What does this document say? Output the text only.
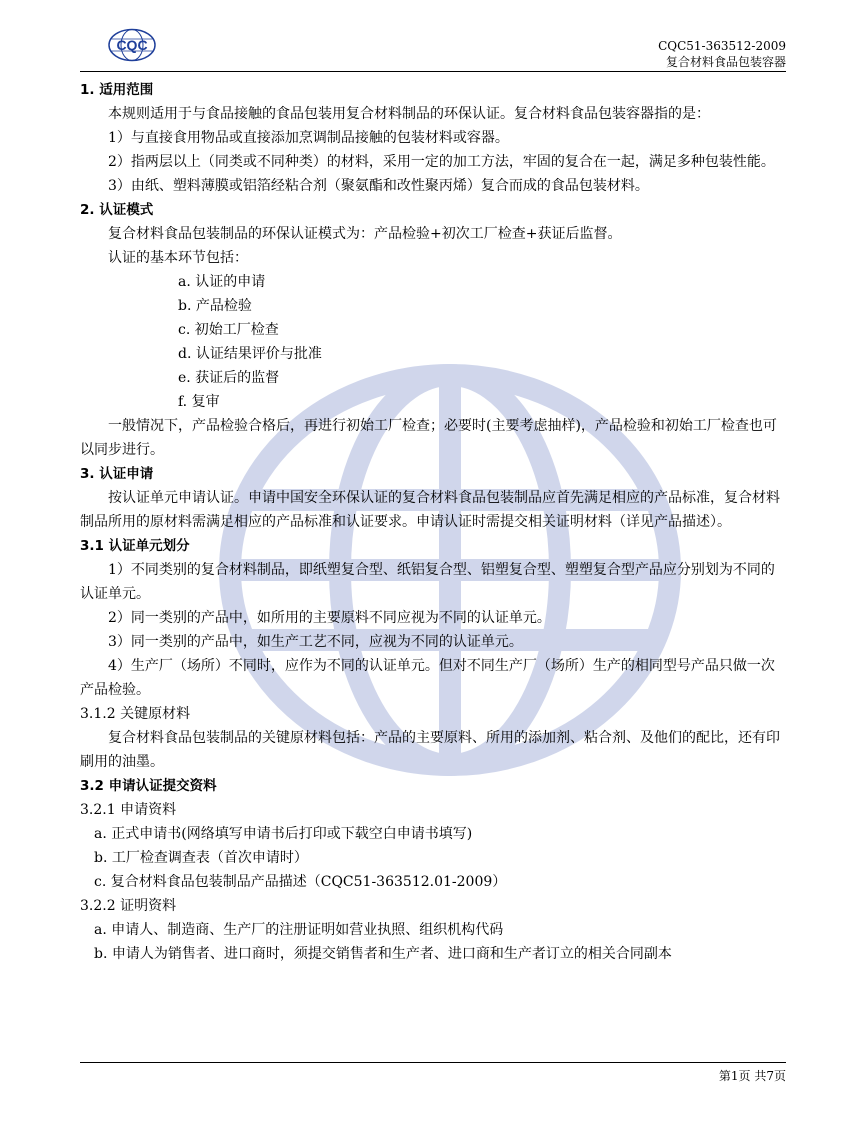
CQC	CQC51-363512-2009
复合材料食品包装容器

1. 适用范围

本规则适用于与食品接触的食品包装用复合材料制品的环保认证。复合材料食品包装容器指的是：

1）与直接食用物品或直接添加烹调制品接触的包装材料或容器。

2）指两层以上（同类或不同种类）的材料，采用一定的加工方法，牢固的复合在一起，满足多种包装性能。

3）由纸、塑料薄膜或铝箔经粘合剂（聚氨酯和改性聚丙烯）复合而成的食品包装材料。

2. 认证模式

复合材料食品包装制品的环保认证模式为：产品检验+初次工厂检查+获证后监督。

认证的基本环节包括：

a. 认证的申请

b. 产品检验

c. 初始工厂检查

d. 认证结果评价与批准

e. 获证后的监督

f. 复审

一般情况下，产品检验合格后，再进行初始工厂检查；必要时(主要考虑抽样)，产品检验和初始工厂检查也可以同步进行。

3. 认证申请

按认证单元申请认证。申请中国安全环保认证的复合材料食品包装制品应首先满足相应的产品标准，复合材料制品所用的原材料需满足相应的产品标准和认证要求。申请认证时需提交相关证明材料（详见产品描述）。

3.1 认证单元划分

1）不同类别的复合材料制品，即纸塑复合型、纸铝复合型、铝塑复合型、塑塑复合型产品应分别划为不同的认证单元。

2）同一类别的产品中，如所用的主要原料不同应视为不同的认证单元。

3）同一类别的产品中，如生产工艺不同，应视为不同的认证单元。

4）生产厂（场所）不同时，应作为不同的认证单元。但对不同生产厂（场所）生产的相同型号产品只做一次产品检验。

3.1.2 关键原材料

复合材料食品包装制品的关键原材料包括：产品的主要原料、所用的添加剂、粘合剂、及他们的配比，还有印刷用的油墨。

3.2 申请认证提交资料

3.2.1 申请资料

a. 正式申请书(网络填写申请书后打印或下载空白申请书填写)

b. 工厂检查调查表（首次申请时）

c. 复合材料食品包装制品产品描述（CQC51-363512.01-2009）

3.2.2 证明资料

a. 申请人、制造商、生产厂的注册证明如营业执照、组织机构代码

b. 申请人为销售者、进口商时，须提交销售者和生产者、进口商和生产者订立的相关合同副本

第1页 共7页
